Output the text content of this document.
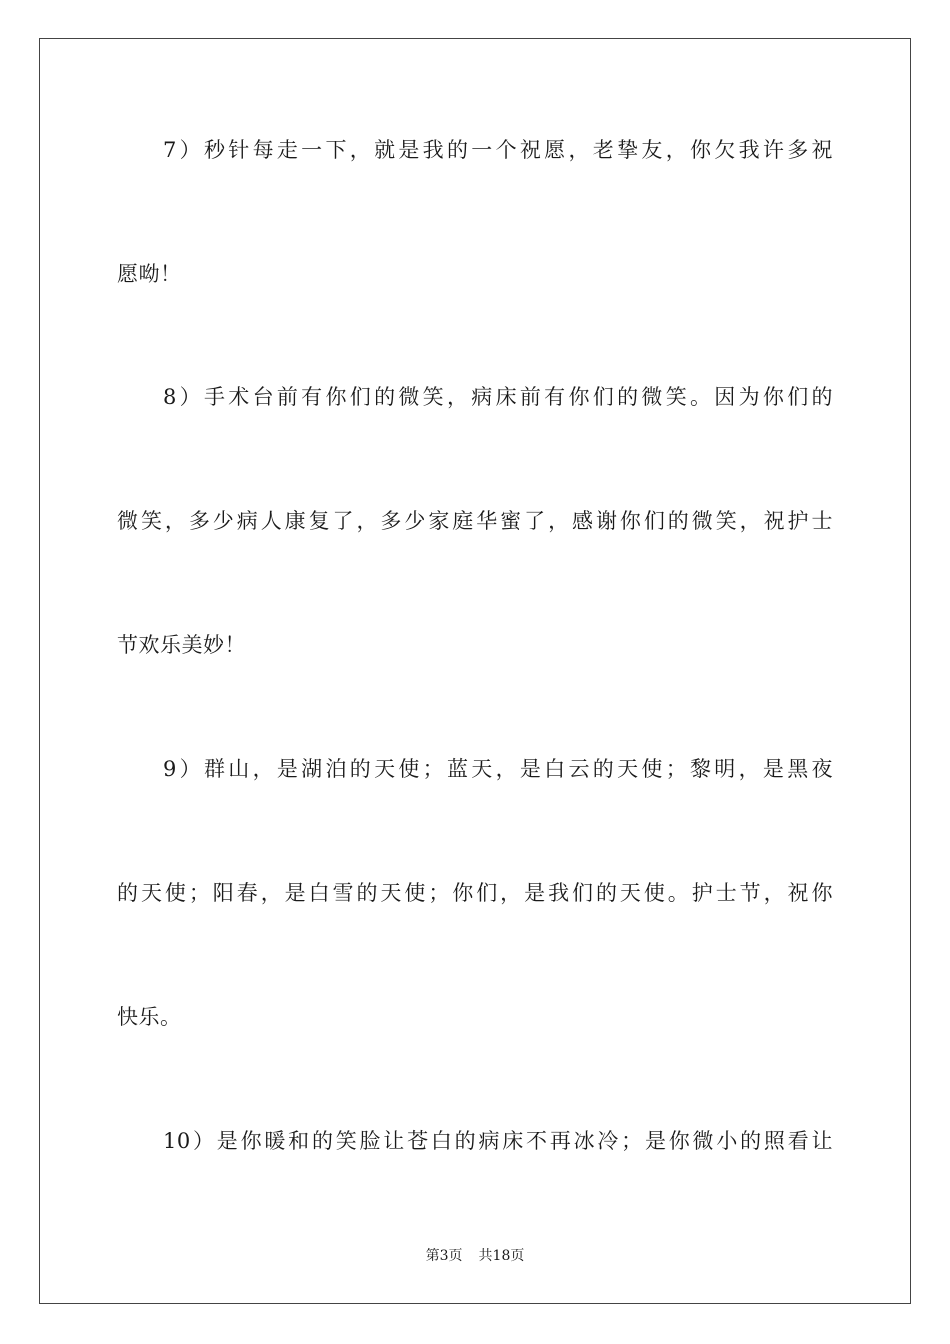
7）秒针每走一下，就是我的一个祝愿，老挚友，你欠我许多祝
愿呦！
8）手术台前有你们的微笑，病床前有你们的微笑。因为你们的
微笑，多少病人康复了，多少家庭华蜜了，感谢你们的微笑，祝护士
节欢乐美妙！
9）群山，是湖泊的天使；蓝天，是白云的天使；黎明，是黑夜
的天使；阳春，是白雪的天使；你们，是我们的天使。护士节，祝你
快乐。
10）是你暖和的笑脸让苍白的病床不再冰冷；是你微小的照看让
第3页 共18页
